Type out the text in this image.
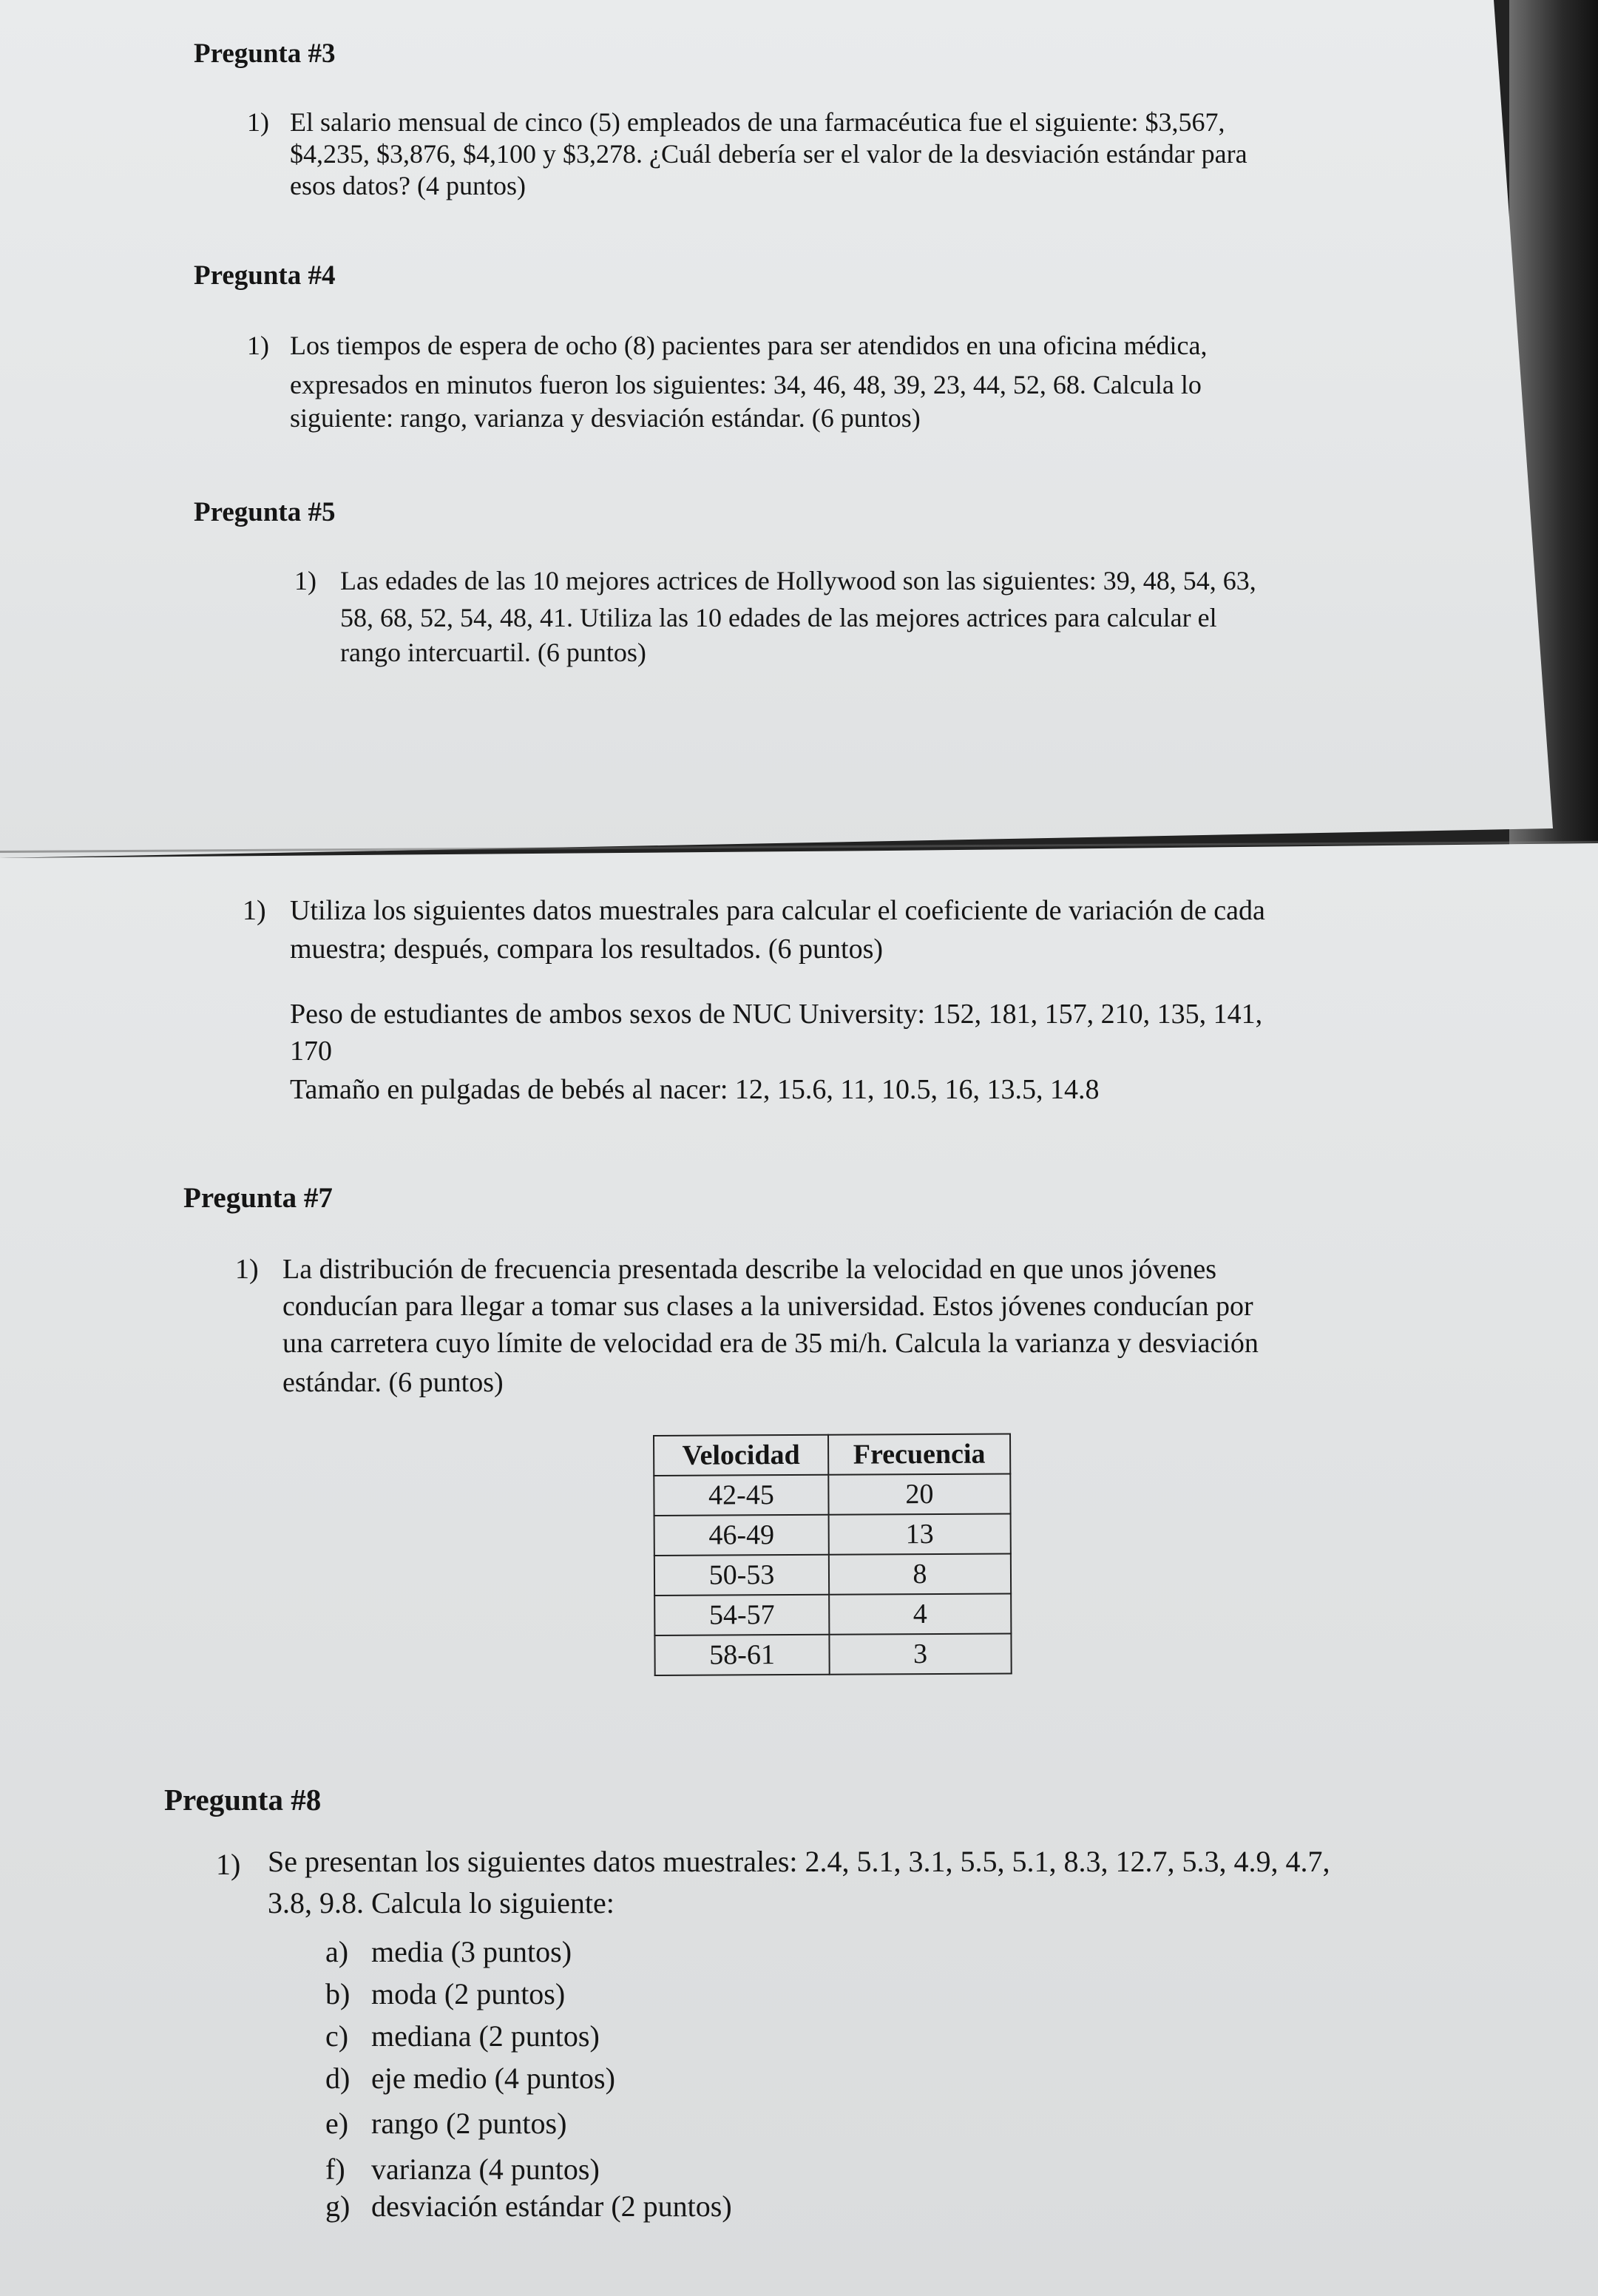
Pregunta #3
1) El salario mensual de cinco (5) empleados de una farmacéutica fue el siguiente: $3,567,
$4,235, $3,876, $4,100 y $3,278. ¿Cuál debería ser el valor de la desviación estándar para
esos datos? (4 puntos)
Pregunta #4
1) Los tiempos de espera de ocho (8) pacientes para ser atendidos en una oficina médica,
expresados en minutos fueron los siguientes: 34, 46, 48, 39, 23, 44, 52, 68. Calcula lo
siguiente: rango, varianza y desviación estándar. (6 puntos)
Pregunta #5
1) Las edades de las 10 mejores actrices de Hollywood son las siguientes: 39, 48, 54, 63,
58, 68, 52, 54, 48, 41. Utiliza las 10 edades de las mejores actrices para calcular el
rango intercuartil. (6 puntos)
1) Utiliza los siguientes datos muestrales para calcular el coeficiente de variación de cada
muestra; después, compara los resultados. (6 puntos)
Peso de estudiantes de ambos sexos de NUC University: 152, 181, 157, 210, 135, 141,
170
Tamaño en pulgadas de bebés al nacer: 12, 15.6, 11, 10.5, 16, 13.5, 14.8
Pregunta #7
1) La distribución de frecuencia presentada describe la velocidad en que unos jóvenes
conducían para llegar a tomar sus clases a la universidad. Estos jóvenes conducían por
una carretera cuyo límite de velocidad era de 35 mi/h. Calcula la varianza y desviación
estándar. (6 puntos)
Velocidad	Frecuencia
42-45	20
46-49	13
50-53	8
54-57	4
58-61	3
Pregunta #8
1) Se presentan los siguientes datos muestrales: 2.4, 5.1, 3.1, 5.5, 5.1, 8.3, 12.7, 5.3, 4.9, 4.7,
3.8, 9.8. Calcula lo siguiente:
a) media (3 puntos)
b) moda (2 puntos)
c) mediana (2 puntos)
d) eje medio (4 puntos)
e) rango (2 puntos)
f) varianza (4 puntos)
g) desviación estándar (2 puntos)
